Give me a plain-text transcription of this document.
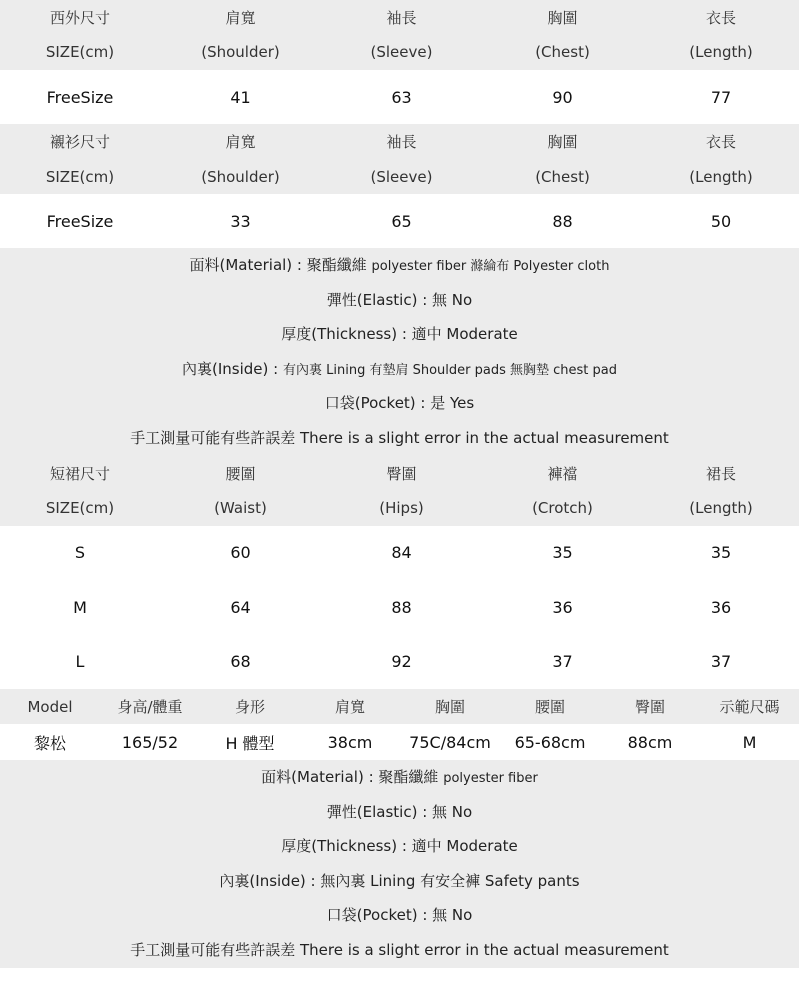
西外尺寸	肩寬	袖長	胸圍	衣長
SIZE(cm)	(Shoulder)	(Sleeve)	(Chest)	(Length)
FreeSize	41	63	90	77
襯衫尺寸	肩寬	袖長	胸圍	衣長
SIZE(cm)	(Shoulder)	(Sleeve)	(Chest)	(Length)
FreeSize	33	65	88	50
面料(Material) : 聚酯纖維 polyester fiber 滌綸布 Polyester cloth
彈性(Elastic) : 無 No
厚度(Thickness) : 適中 Moderate
內裏(Inside) : 有內裏 Lining 有墊肩 Shoulder pads 無胸墊 chest pad
口袋(Pocket) : 是 Yes
手工測量可能有些許誤差 There is a slight error in the actual measurement
短裙尺寸	腰圍	臀圍	褲襠	裙長
SIZE(cm)	(Waist)	(Hips)	(Crotch)	(Length)
S	60	84	35	35
M	64	88	36	36
L	68	92	37	37
Model	身高/體重	身形	肩寬	胸圍	腰圍	臀圍	示範尺碼
黎松	165/52	H 體型	38cm	75C/84cm	65-68cm	88cm	M
面料(Material) : 聚酯纖維 polyester fiber
彈性(Elastic) : 無 No
厚度(Thickness) : 適中 Moderate
內裏(Inside) : 無內裏 Lining 有安全褲 Safety pants
口袋(Pocket) : 無 No
手工測量可能有些許誤差 There is a slight error in the actual measurement
